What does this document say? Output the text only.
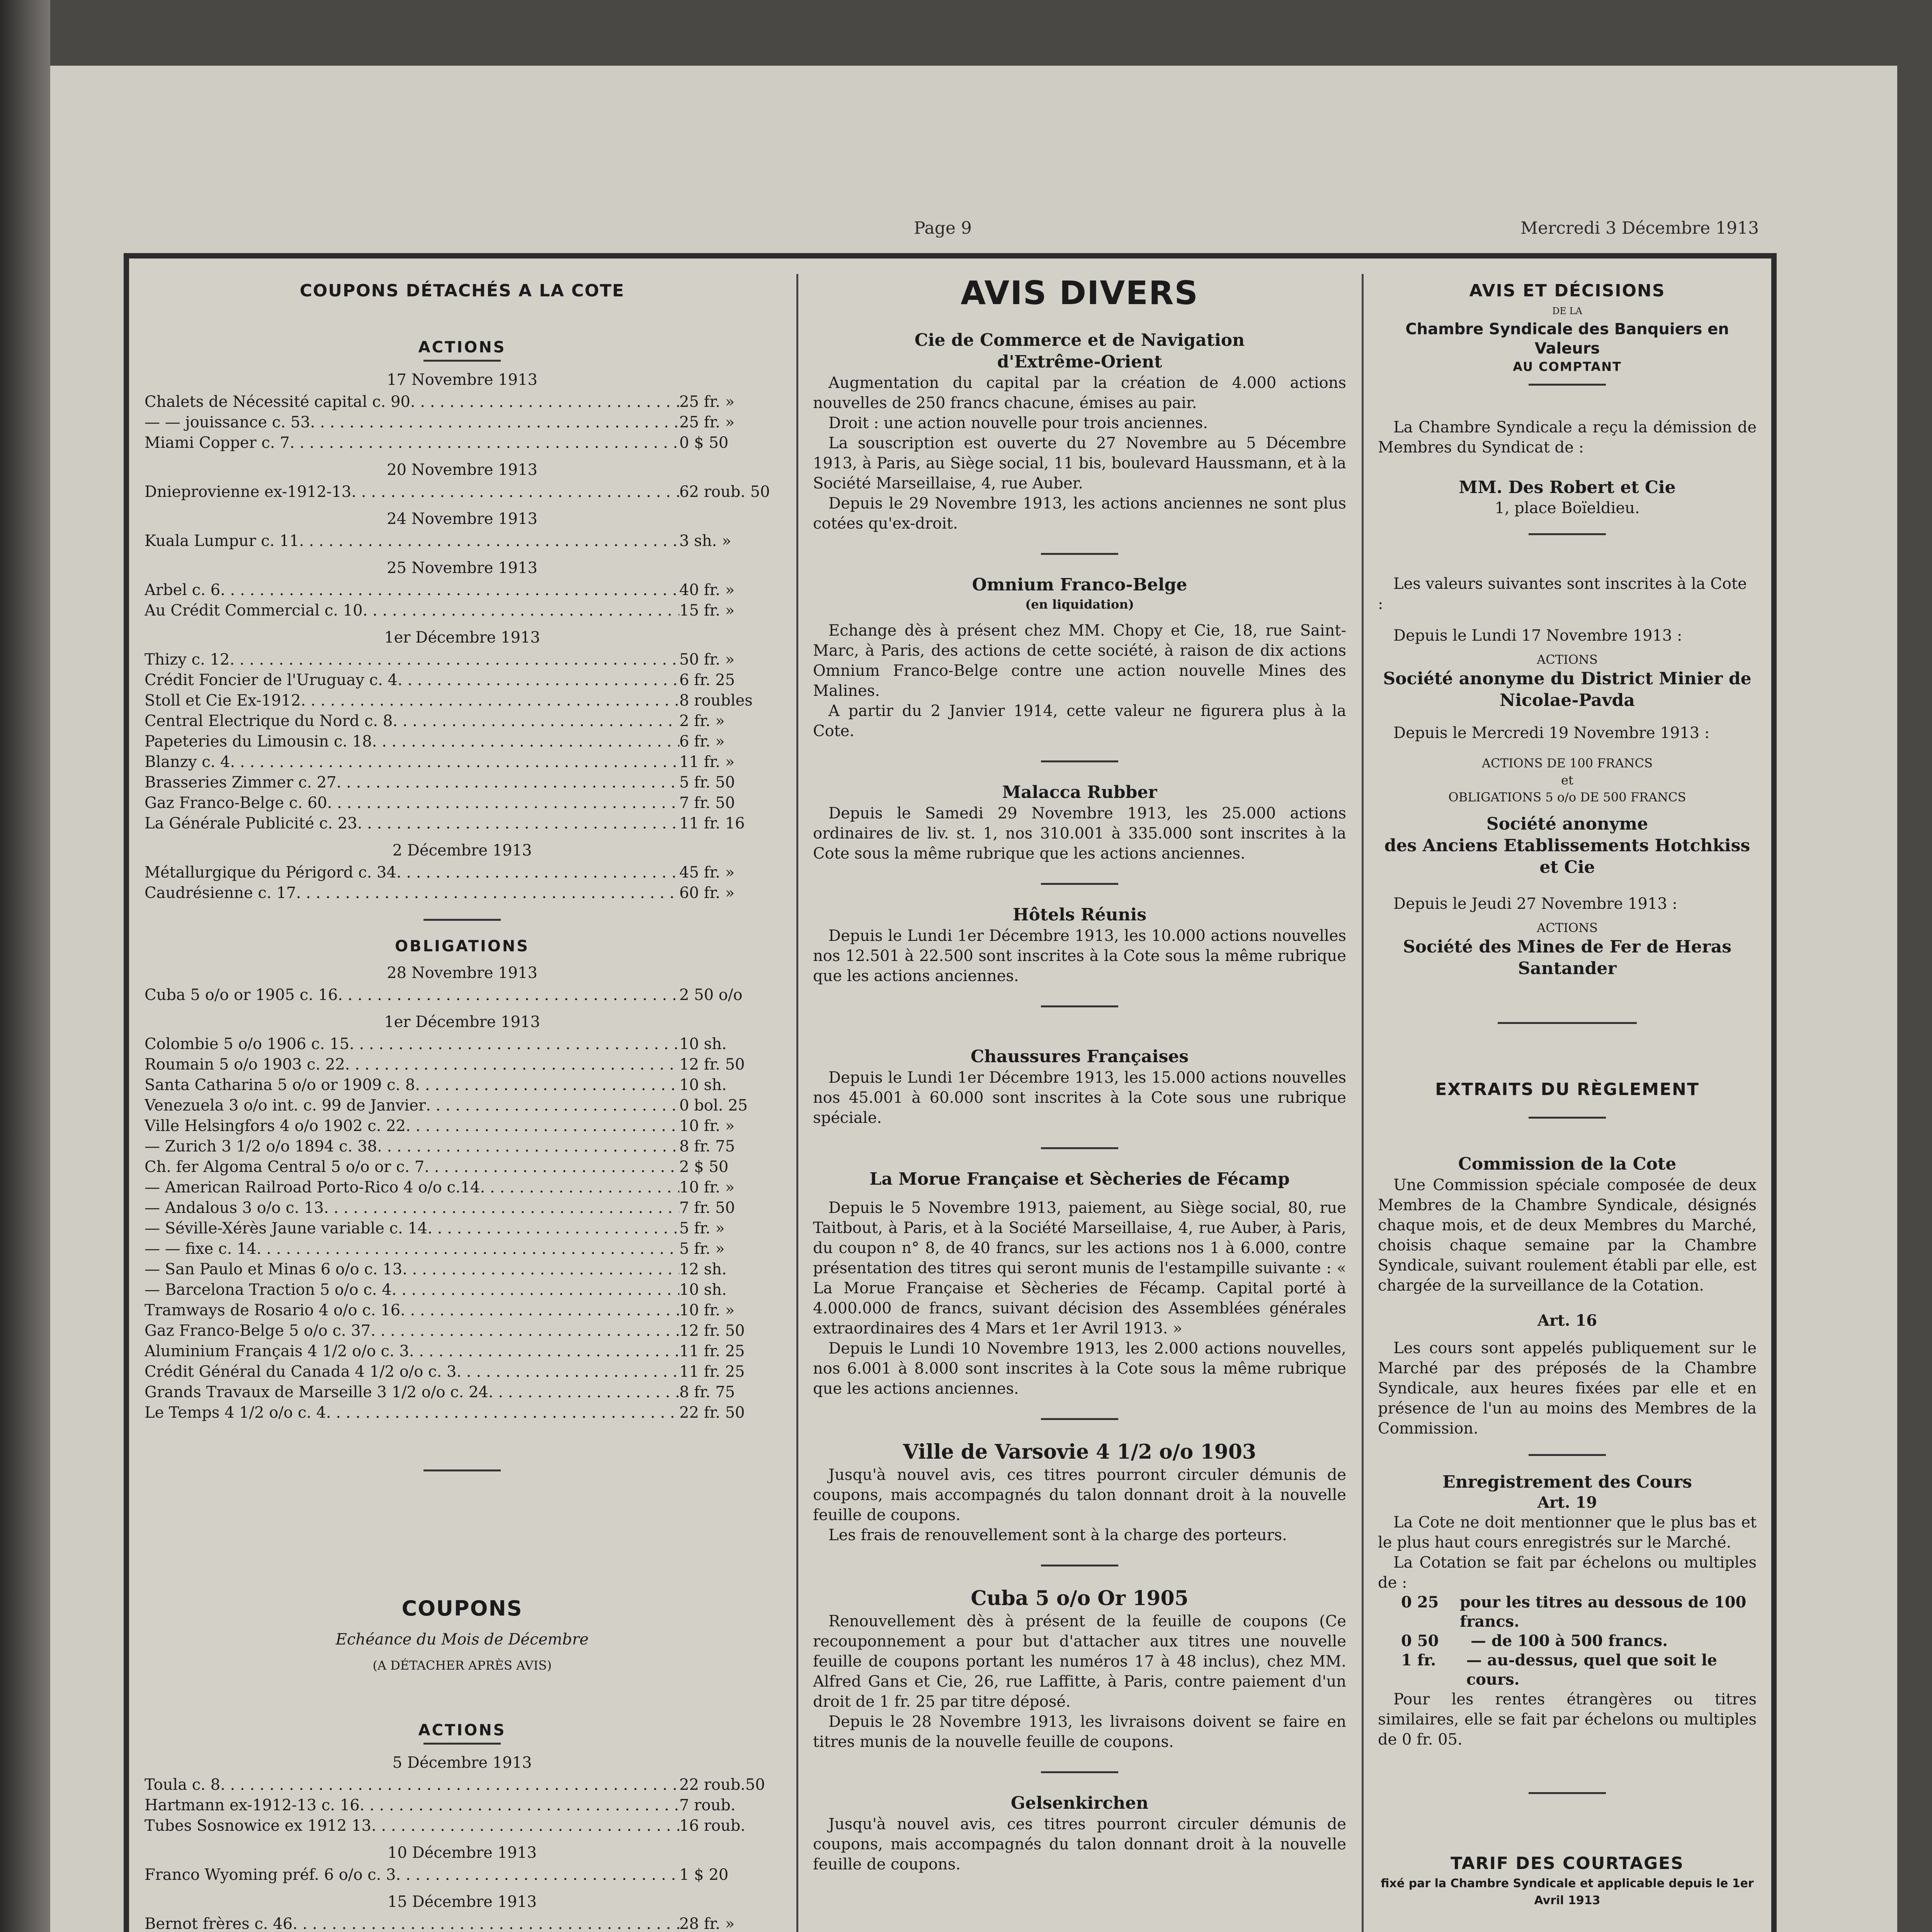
Page 9	Mercredi 3 Décembre 1913
COUPONS DÉTACHÉS A LA COTE
ACTIONS
17 Novembre 1913
Chalets de Nécessité capital c. 90 . . .	25 fr. »
— — jouissance c. 53 . . .	25 fr. »
Miami Copper c. 7 . . .	0 $ 50
20 Novembre 1913
Dnieprovienne ex-1912-13 . . .	62 roub. 50
24 Novembre 1913
Kuala Lumpur c. 11 . . .	3 sh. »
25 Novembre 1913
Arbel c. 6 . . .	40 fr. »
Au Crédit Commercial c. 10 . . .	15 fr. »
1er Décembre 1913
Thizy c. 12 . . .	50 fr. »
Crédit Foncier de l'Uruguay c. 4 . . .	6 fr. 25
Stoll et Cie Ex-1912 . . .	8 roubles
Central Electrique du Nord c. 8 . . .	2 fr. »
Papeteries du Limousin c. 18 . . .	6 fr. »
Blanzy c. 4 . . .	11 fr. »
Brasseries Zimmer c. 27 . . .	5 fr. 50
Gaz Franco-Belge c. 60 . . .	7 fr. 50
La Générale Publicité c. 23 . . .	11 fr. 16
2 Décembre 1913
Métallurgique du Périgord c. 34 . . .	45 fr. »
Caudrésienne c. 17 . . .	60 fr. »
OBLIGATIONS
28 Novembre 1913
Cuba 5 o/o or 1905 c. 16 . . .	2 50 o/o
1er Décembre 1913
Colombie 5 o/o 1906 c. 15 . . .	10 sh.
Roumain 5 o/o 1903 c. 22 . . .	12 fr. 50
Santa Catharina 5 o/o or 1909 c. 8 . . .	10 sh.
Venezuela 3 o/o int. c. 99 de Janvier . . .	0 bol. 25
Ville Helsingfors 4 o/o 1902 c. 22 . . .	10 fr. »
— Zurich 3 1/2 o/o 1894 c. 38 . . .	8 fr. 75
Ch. fer Algoma Central 5 o/o or c. 7 . . .	2 $ 50
— American Railroad Porto-Rico 4 o/o c.14 . . .	10 fr. »
— Andalous 3 o/o c. 13 . . .	7 fr. 50
— Séville-Xérès Jaune variable c. 14 . . .	5 fr. »
— — fixe c. 14 . . .	5 fr. »
— San Paulo et Minas 6 o/o c. 13 . . .	12 sh.
— Barcelona Traction 5 o/o c. 4 . . .	10 sh.
Tramways de Rosario 4 o/o c. 16 . . .	10 fr. »
Gaz Franco-Belge 5 o/o c. 37 . . .	12 fr. 50
Aluminium Français 4 1/2 o/o c. 3 . . .	11 fr. 25
Crédit Général du Canada 4 1/2 o/o c. 3 . . .	11 fr. 25
Grands Travaux de Marseille 3 1/2 o/o c. 24 . . .	8 fr. 75
Le Temps 4 1/2 o/o c. 4 . . .	22 fr. 50
COUPONS
Echéance du Mois de Décembre
(A DÉTACHER APRÈS AVIS)
ACTIONS
5 Décembre 1913
Toula c. 8 . . .	22 roub.50
Hartmann ex-1912-13 c. 16 . . .	7 roub.
Tubes Sosnowice ex 1912 13 . . .	16 roub.
10 Décembre 1913
Franco Wyoming préf. 6 o/o c. 3 . . .	1 $ 20
15 Décembre 1913
Bernot frères c. 46 . . .	28 fr. »
AVIS DIVERS
Cie de Commerce et de Navigation
d'Extrême-Orient

Augmentation du capital par la création de 4.000 actions nouvelles de 250 francs chacune, émises au pair.

Droit : une action nouvelle pour trois anciennes.

La souscription est ouverte du 27 Novembre au 5 Décembre 1913, à Paris, au Siège social, 11 bis, boulevard Haussmann, et à la Société Marseillaise, 4, rue Auber.

Depuis le 29 Novembre 1913, les actions anciennes ne sont plus cotées qu'ex-droit.

Omnium Franco-Belge
(en liquidation)

Echange dès à présent chez MM. Chopy et Cie, 18, rue Saint-Marc, à Paris, des actions de cette société, à raison de dix actions Omnium Franco-Belge contre une action nouvelle Mines des Malines.

A partir du 2 Janvier 1914, cette valeur ne figurera plus à la Cote.

Malacca Rubber

Depuis le Samedi 29 Novembre 1913, les 25.000 actions ordinaires de liv. st. 1, nos 310.001 à 335.000 sont inscrites à la Cote sous la même rubrique que les actions anciennes.

Hôtels Réunis

Depuis le Lundi 1er Décembre 1913, les 10.000 actions nouvelles nos 12.501 à 22.500 sont inscrites à la Cote sous la même rubrique que les actions anciennes.

Chaussures Françaises

Depuis le Lundi 1er Décembre 1913, les 15.000 actions nouvelles nos 45.001 à 60.000 sont inscrites à la Cote sous une rubrique spéciale.

La Morue Française et Sècheries de Fécamp

Depuis le 5 Novembre 1913, paiement, au Siège social, 80, rue Taitbout, à Paris, et à la Société Marseillaise, 4, rue Auber, à Paris, du coupon n° 8, de 40 francs, sur les actions nos 1 à 6.000, contre présentation des titres qui seront munis de l'estampille suivante : « La Morue Française et Sècheries de Fécamp. Capital porté à 4.000.000 de francs, suivant décision des Assemblées générales extraordinaires des 4 Mars et 1er Avril 1913. »

Depuis le Lundi 10 Novembre 1913, les 2.000 actions nouvelles, nos 6.001 à 8.000 sont inscrites à la Cote sous la même rubrique que les actions anciennes.

Ville de Varsovie 4 1/2 o/o 1903

Jusqu'à nouvel avis, ces titres pourront circuler démunis de coupons, mais accompagnés du talon donnant droit à la nouvelle feuille de coupons.

Les frais de renouvellement sont à la charge des porteurs.

Cuba 5 o/o Or 1905

Renouvellement dès à présent de la feuille de coupons (Ce recouponnement a pour but d'attacher aux titres une nouvelle feuille de coupons portant les numéros 17 à 48 inclus), chez MM. Alfred Gans et Cie, 26, rue Laffitte, à Paris, contre paiement d'un droit de 1 fr. 25 par titre déposé.

Depuis le 28 Novembre 1913, les livraisons doivent se faire en titres munis de la nouvelle feuille de coupons.

Gelsenkirchen

Jusqu'à nouvel avis, ces titres pourront circuler démunis de coupons, mais accompagnés du talon donnant droit à la nouvelle feuille de coupons.

AVIS ET DÉCISIONS
DE LA
Chambre Syndicale des Banquiers en Valeurs
AU COMPTANT

La Chambre Syndicale a reçu la démission de Membres du Syndicat de :

MM. Des Robert et Cie
1, place Boïeldieu.

Les valeurs suivantes sont inscrites à la Cote :

Depuis le Lundi 17 Novembre 1913 :

ACTIONS
Société anonyme du District Minier de Nicolae-Pavda

Depuis le Mercredi 19 Novembre 1913 :

ACTIONS DE 100 FRANCS
et
OBLIGATIONS 5 o/o DE 500 FRANCS
Société anonyme
des Anciens Etablissements Hotchkiss et Cie

Depuis le Jeudi 27 Novembre 1913 :

ACTIONS
Société des Mines de Fer de Heras Santander
EXTRAITS DU RÈGLEMENT
Commission de la Cote

Une Commission spéciale composée de deux Membres de la Chambre Syndicale, désignés chaque mois, et de deux Membres du Marché, choisis chaque semaine par la Chambre Syndicale, suivant roulement établi par elle, est chargée de la surveillance de la Cotation.

Art. 16

Les cours sont appelés publiquement sur le Marché par des préposés de la Chambre Syndicale, aux heures fixées par elle et en présence de l'un au moins des Membres de la Commission.

Enregistrement des Cours
Art. 19

La Cote ne doit mentionner que le plus bas et le plus haut cours enregistrés sur le Marché.

La Cotation se fait par échelons ou multiples de :

0 25	pour les titres au dessous de 100 francs.
0 50	— de 100 à 500 francs.
1 fr.	— au-dessus, quel que soit le cours.

Pour les rentes étrangères ou titres similaires, elle se fait par échelons ou multiples de 0 fr. 05.

TARIF DES COURTAGES
fixé par la Chambre Syndicale et applicable depuis le 1er Avril 1913
